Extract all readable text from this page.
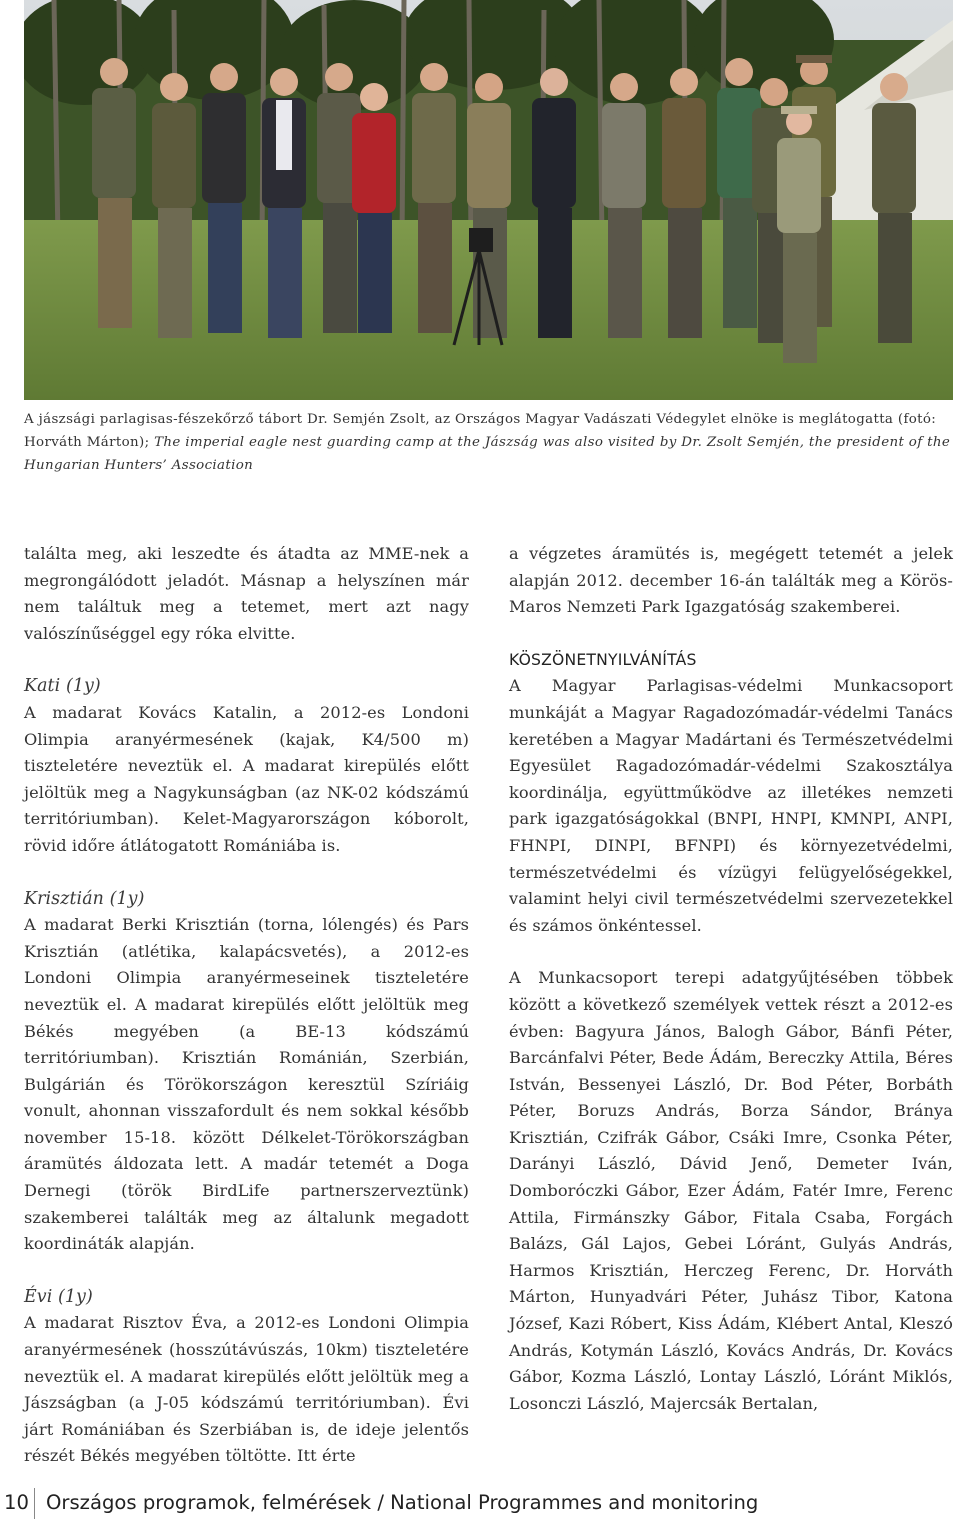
A jászsági parlagisas-fészekőrző tábort Dr. Semjén Zsolt, az Országos Magyar Vadászati Védegylet elnöke is meglátogatta (fotó: Horváth Márton); The imperial eagle nest guarding camp at the Jászság was also visited by Dr. Zsolt Semjén, the president of the Hungarian Hunters’ Association

találta meg, aki leszedte és átadta az MME-nek a megrongálódott jeladót. Másnap a helyszínen már nem találtuk meg a tetemet, mert azt nagy valószínűséggel egy róka elvitte.

Kati (1y)

A madarat Kovács Katalin, a 2012-es Londoni Olimpia aranyérmesének (kajak, K4/500 m) tiszteletére neveztük el. A madarat kirepülés előtt jelöltük meg a Nagykunságban (az NK-02 kódszámú territóriumban). Kelet-Magyarországon kóborolt, rövid időre átlátogatott Romániába is.

Krisztián (1y)

A madarat Berki Krisztián (torna, lólengés) és Pars Krisztián (atlétika, kalapácsvetés), a 2012-es Londoni Olimpia aranyérmeseinek tiszteletére neveztük el. A madarat kirepülés előtt jelöltük meg Békés megyében (a BE-13 kódszámú territóriumban). Krisztián Románián, Szerbián, Bulgárián és Törökországon keresztül Szíriáig vonult, ahonnan visszafordult és nem sokkal később november 15-18. között Délkelet-Törökországban áramütés áldozata lett. A madár tetemét a Doga Dernegi (török BirdLife partnerszerveztünk) szakemberei találták meg az általunk megadott koordináták alapján.

Évi (1y)

A madarat Risztov Éva, a 2012-es Londoni Olimpia aranyérmesének (hosszútávúszás, 10km) tiszteletére neveztük el. A madarat kirepülés előtt jelöltük meg a Jászságban (a J-05 kódszámú territóriumban). Évi járt Romániában és Szerbiában is, de ideje jelentős részét Békés megyében töltötte. Itt érte

a végzetes áramütés is, megégett tetemét a jelek alapján 2012. december 16-án találták meg a Körös-Maros Nemzeti Park Igazgatóság szakemberei.

KÖSZÖNETNYILVÁNÍTÁS

A Magyar Parlagisas-védelmi Munkacsoport munkáját a Magyar Ragadozómadár-védelmi Tanács keretében a Magyar Madártani és Természetvédelmi Egyesület Ragadozómadár-védelmi Szakosztálya koordinálja, együttműködve az illetékes nemzeti park igazgatóságokkal (BNPI, HNPI, KMNPI, ANPI, FHNPI, DINPI, BFNPI) és környezetvédelmi, természetvédelmi és vízügyi felügyelőségekkel, valamint helyi civil természetvédelmi szervezetekkel és számos önkéntessel.

A Munkacsoport terepi adatgyűjtésében többek között a következő személyek vettek részt a 2012-es évben: Bagyura János, Balogh Gábor, Bánfi Péter, Barcánfalvi Péter, Bede Ádám, Bereczky Attila, Béres István, Bessenyei László, Dr. Bod Péter, Borbáth Péter, Boruzs András, Borza Sándor, Bránya Krisztián, Czifrák Gábor, Csáki Imre, Csonka Péter, Darányi László, Dávid Jenő, Demeter Iván, Domboróczki Gábor, Ezer Ádám, Fatér Imre, Ferenc Attila, Firmánszky Gábor, Fitala Csaba, Forgách Balázs, Gál Lajos, Gebei Lóránt, Gulyás András, Harmos Krisztián, Herczeg Ferenc, Dr. Horváth Márton, Hunyadvári Péter, Juhász Tibor, Katona József, Kazi Róbert, Kiss Ádám, Klébert Antal, Kleszó András, Kotymán László, Kovács András, Dr. Kovács Gábor, Kozma László, Lontay László, Lóránt Miklós, Losonczi László, Majercsák Bertalan,

10 Országos programok, felmérések / National Programmes and monitoring
